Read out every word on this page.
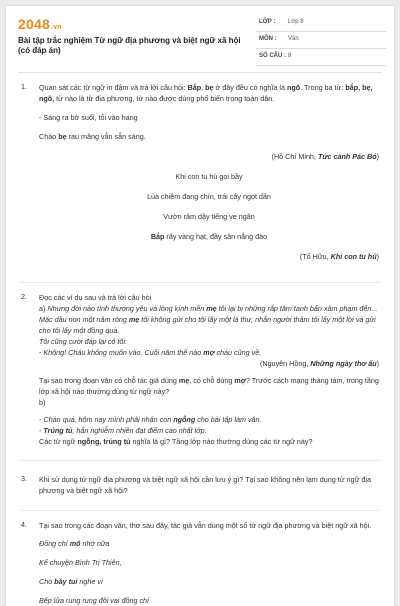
2048.vn
Bài tập trắc nghiệm Từ ngữ địa phương và biệt ngữ xã hội (có đáp án)
LỚP : Lớp 8
MÔN : Văn
SỐ CÂU : 8
1. Quan sát các từ ngữ in đậm và trả lời câu hỏi: Bắp, bẹ ở đây đều có nghĩa là ngô. Trong ba từ: bắp, bẹ, ngô, từ nào là từ địa phương, từ nào được dùng phổ biến trong toàn dân.

- Sáng ra bờ suối, tối vào hang

Cháo bẹ rau măng vẫn sẵn sàng.

(Hồ Chí Minh, Tức cảnh Pác Bó)

Khi con tu hú gọi bầy

Lúa chiêm đang chín, trái cây ngọt dần

Vườn râm dậy tiếng ve ngân

Bắp rây vàng hạt, đầy sân nắng đào

(Tố Hữu, Khi con tu hú)

2. Đọc các ví dụ sau và trả lời câu hỏi

a) Nhưng đời nào tình thương yêu và lòng kính mến mẹ tôi lại bị những rắp tâm tanh bẩn xâm phạm đến... Mặc dầu non một năm ròng mẹ tôi không gửi cho tôi lấy một lá thư, nhắn người thăm tôi lấy một lời và gửi cho tôi lấy một đồng quà.

Tôi cũng cười đáp lại cô tôi:

- Không! Cháu không muốn vào. Cuối năm thế nào mợ cháu cũng về.

(Nguyên Hồng, Những ngày thơ ấu)

Tại sao trong đoạn văn có chỗ tác giả dùng mẹ, có chỗ dùng mợ? Trước cách mạng tháng tám, trong tầng lớp xã hội nào thường dùng từ ngữ này?

b)

- Chán quá, hôm nay mình phải nhận con ngỗng cho bài tập làm văn.

- Trúng tủ, hắn nghiễm nhiên đạt điểm cao nhất lớp.

Các từ ngữ ngỗng, trúng tủ nghĩa là gì? Tầng lớp nào thường dùng các từ ngữ này?

3. Khi sử dụng từ ngữ địa phương và biệt ngữ xã hội cần lưu ý gì? Tại sao không nên lạm dụng từ ngữ địa phương và biệt ngữ xã hội?

4. Tại sao trong các đoạn văn, thơ sau đây, tác giả vẫn dùng một số từ ngữ địa phương và biệt ngữ xã hội.

Đồng chí mô nhớ nữa

Kể chuyện Bình Trị Thiên,

Cho bầy tui nghe ví

Bếp lửa rung rung đôi vai đồng chí
